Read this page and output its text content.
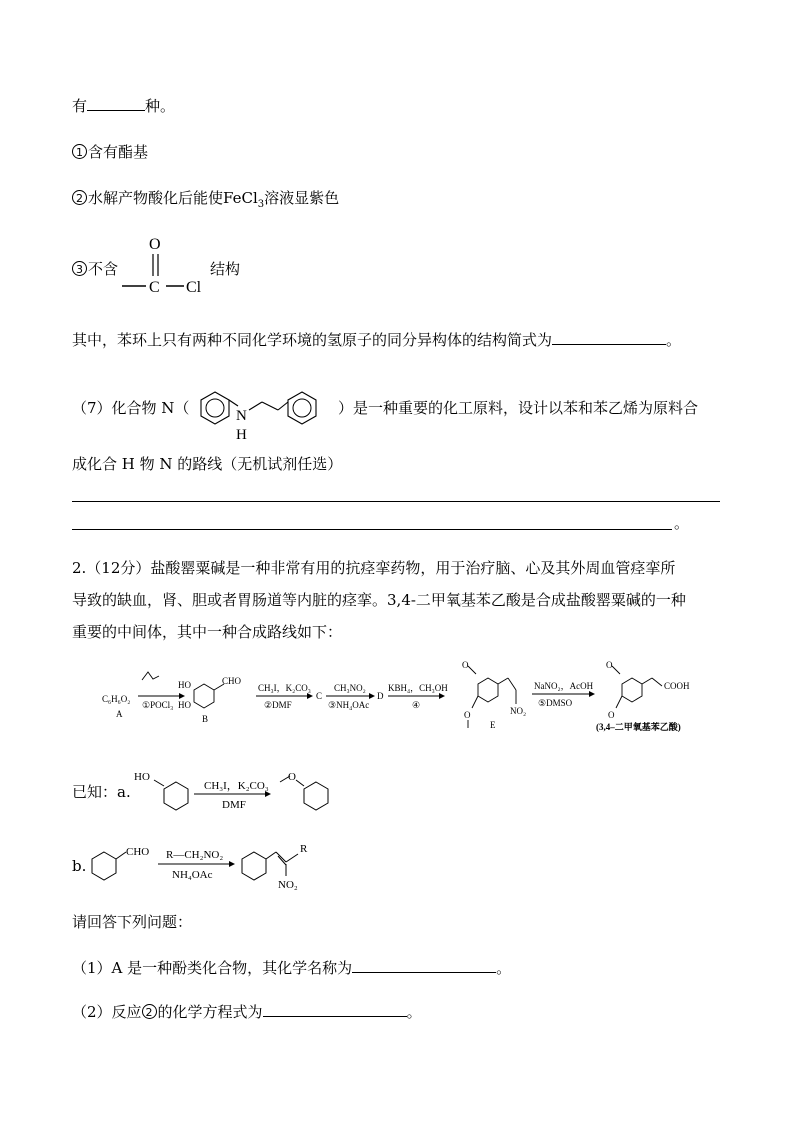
有	种。
1 含有酯基
2 水解产物酸化后能使FeCl$_3$溶液显紫色
3 不含
O
C Cl
结构
其中，苯环上只有两种不同化学环境的氢原子的同分异构体的结构简式为	。
（7）化合物 N（	N
H
）是一种重要的化工原料，设计以苯和苯乙烯为原料合
成化合 H 物 N 的路线（无机试剂任选）
。
2.（12分）盐酸罂粟碱是一种非常有用的抗痉挛药物，用于治疗脑、心及其外周血管痉挛所
导致的缺血，肾、胆或者胃肠道等内脏的痉挛。3,4-二甲氧基苯乙酸是合成盐酸罂粟碱的一种
重要的中间体，其中一种合成路线如下：
C₆H₆O₂
A
①POCl₃
CHO
HO
HO
B
CH₃I，K₂CO₃
②DMF
C
CH₃NO₂
③NH₄OAc
D
KBH₄，CH₃OH
④
O
NO₂
O
E
NaNO₂，AcOH
⑤DMSO
O
COOH
O
(3,4–二甲氧基苯乙酸)
已知：a.
HO
CH₃I，K₂CO₃
DMF
O
b.
CHO R—CH₂NO₂
NH₄OAc
R
NO₂
请回答下列问题：
（1）A 是一种酚类化合物，其化学名称为	。
（2）反应 2 的化学方程式为	。
